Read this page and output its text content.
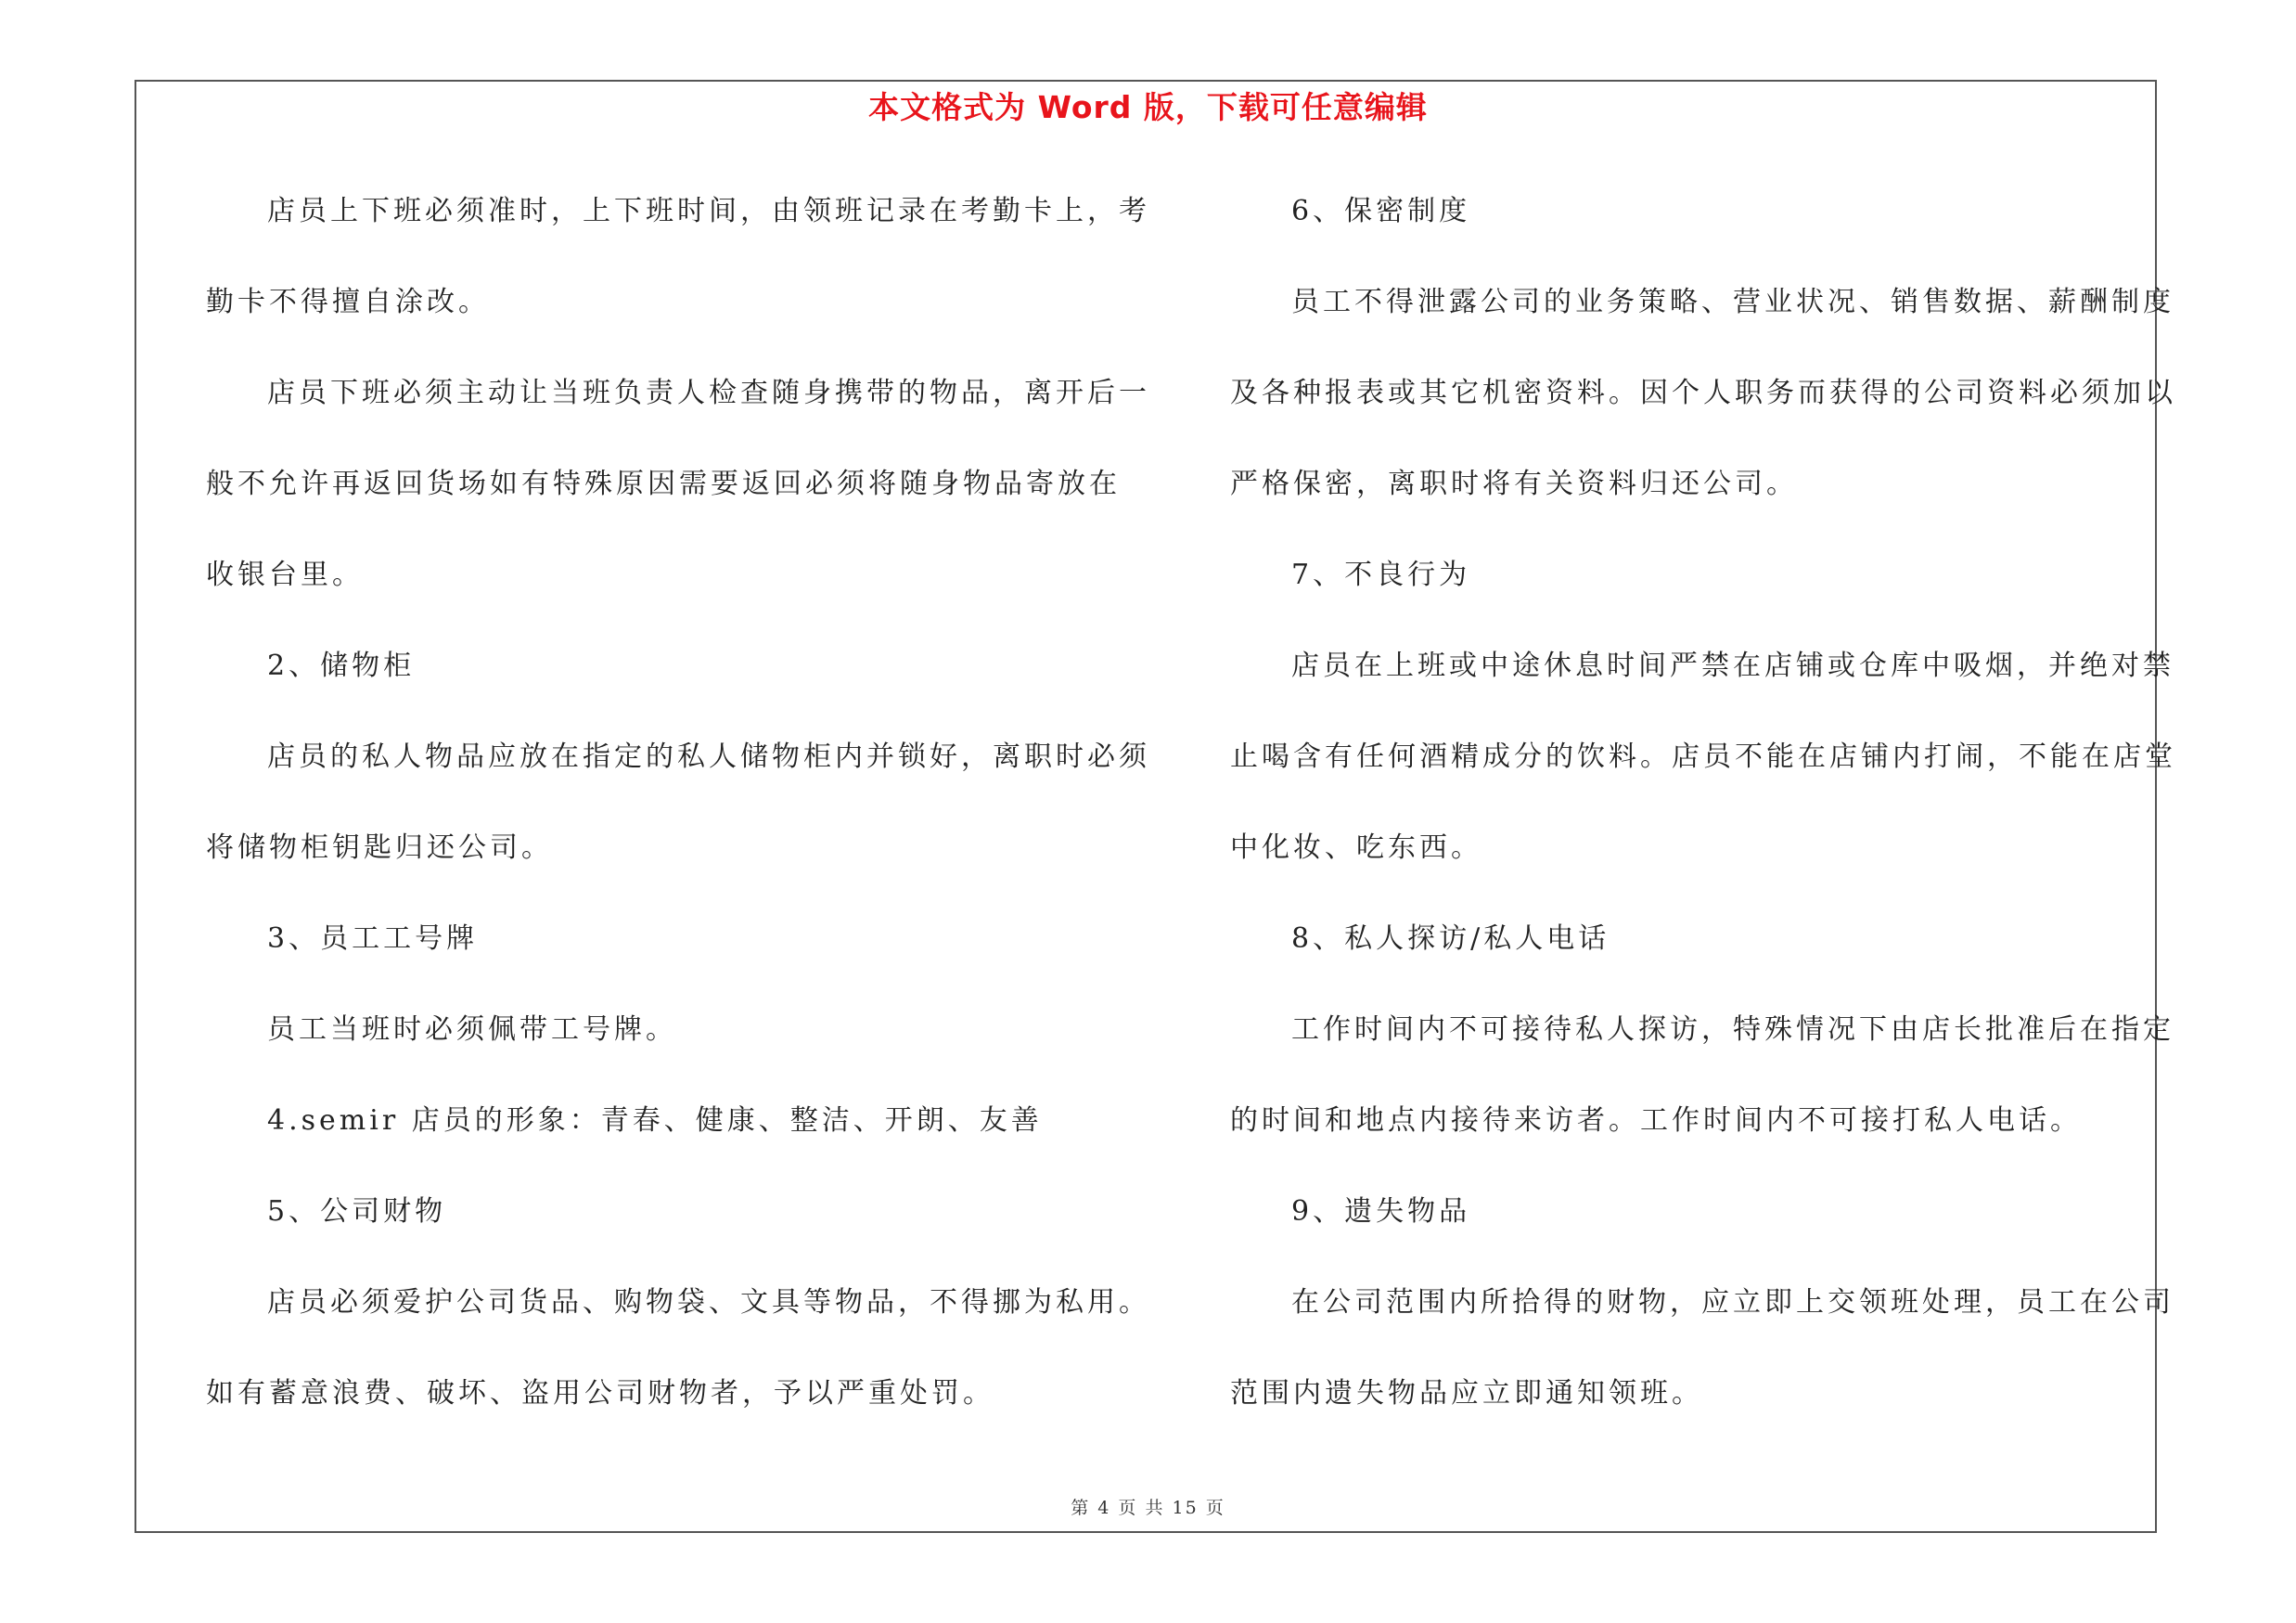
本文格式为 Word 版，下载可任意编辑
店员上下班必须准时，上下班时间，由领班记录在考勤卡上，考
勤卡不得擅自涂改。
店员下班必须主动让当班负责人检查随身携带的物品，离开后一
般不允许再返回货场如有特殊原因需要返回必须将随身物品寄放在
收银台里。
2、储物柜
店员的私人物品应放在指定的私人储物柜内并锁好，离职时必须
将储物柜钥匙归还公司。
3、员工工号牌
员工当班时必须佩带工号牌。
4.semir 店员的形象：青春、健康、整洁、开朗、友善
5、公司财物
店员必须爱护公司货品、购物袋、文具等物品，不得挪为私用。
如有蓄意浪费、破坏、盗用公司财物者，予以严重处罚。
6、保密制度
员工不得泄露公司的业务策略、营业状况、销售数据、薪酬制度
及各种报表或其它机密资料。因个人职务而获得的公司资料必须加以
严格保密，离职时将有关资料归还公司。
7、不良行为
店员在上班或中途休息时间严禁在店铺或仓库中吸烟，并绝对禁
止喝含有任何酒精成分的饮料。店员不能在店铺内打闹，不能在店堂
中化妆、吃东西。
8、私人探访/私人电话
工作时间内不可接待私人探访，特殊情况下由店长批准后在指定
的时间和地点内接待来访者。工作时间内不可接打私人电话。
9、遗失物品
在公司范围内所拾得的财物，应立即上交领班处理，员工在公司
范围内遗失物品应立即通知领班。
第 4 页 共 15 页
